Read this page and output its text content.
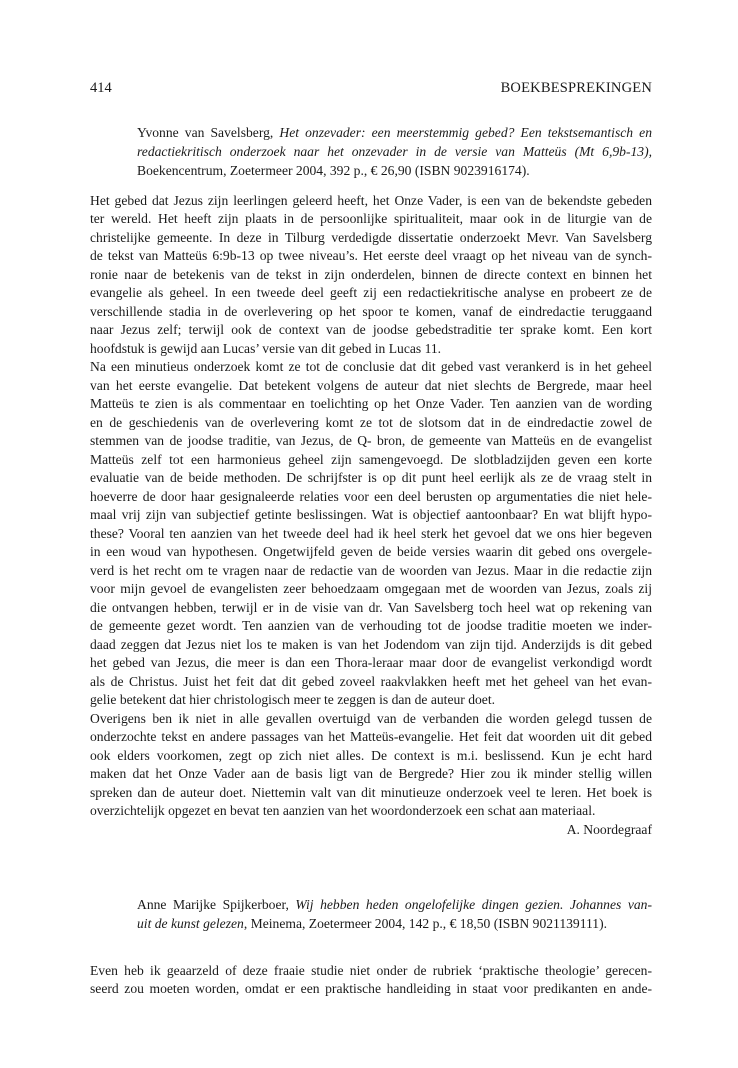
414	BOEKBESPREKINGEN
Yvonne van Savelsberg, Het onzevader: een meerstemmig gebed? Een tekstsemantisch en
redactiekritisch onderzoek naar het onzevader in de versie van Matteüs (Mt 6,9b-13),
Boekencentrum, Zoetermeer 2004, 392 p., € 26,90 (ISBN 9023916174).
Het gebed dat Jezus zijn leerlingen geleerd heeft, het Onze Vader, is een van de bekendste gebeden
ter wereld. Het heeft zijn plaats in de persoonlijke spiritualiteit, maar ook in de liturgie van de
christelijke gemeente. In deze in Tilburg verdedigde dissertatie onderzoekt Mevr. Van Savelsberg
de tekst van Matteüs 6:9b-13 op twee niveau’s. Het eerste deel vraagt op het niveau van de synch-
ronie naar de betekenis van de tekst in zijn onderdelen, binnen de directe context en binnen het
evangelie als geheel. In een tweede deel geeft zij een redactiekritische analyse en probeert ze de
verschillende stadia in de overlevering op het spoor te komen, vanaf de eindredactie teruggaand
naar Jezus zelf; terwijl ook de context van de joodse gebedstraditie ter sprake komt. Een kort
hoofdstuk is gewijd aan Lucas’ versie van dit gebed in Lucas 11.
Na een minutieus onderzoek komt ze tot de conclusie dat dit gebed vast verankerd is in het geheel
van het eerste evangelie. Dat betekent volgens de auteur dat niet slechts de Bergrede, maar heel
Matteüs te zien is als commentaar en toelichting op het Onze Vader. Ten aanzien van de wording
en de geschiedenis van de overlevering komt ze tot de slotsom dat in de eindredactie zowel de
stemmen van de joodse traditie, van Jezus, de Q- bron, de gemeente van Matteüs en de evangelist
Matteüs zelf tot een harmonieus geheel zijn samengevoegd. De slotbladzijden geven een korte
evaluatie van de beide methoden. De schrijfster is op dit punt heel eerlijk als ze de vraag stelt in
hoeverre de door haar gesignaleerde relaties voor een deel berusten op argumentaties die niet hele-
maal vrij zijn van subjectief getinte beslissingen. Wat is objectief aantoonbaar? En wat blijft hypo-
these? Vooral ten aanzien van het tweede deel had ik heel sterk het gevoel dat we ons hier begeven
in een woud van hypothesen. Ongetwijfeld geven de beide versies waarin dit gebed ons overgele-
verd is het recht om te vragen naar de redactie van de woorden van Jezus. Maar in die redactie zijn
voor mijn gevoel de evangelisten zeer behoedzaam omgegaan met de woorden van Jezus, zoals zij
die ontvangen hebben, terwijl er in de visie van dr. Van Savelsberg toch heel wat op rekening van
de gemeente gezet wordt. Ten aanzien van de verhouding tot de joodse traditie moeten we inder-
daad zeggen dat Jezus niet los te maken is van het Jodendom van zijn tijd. Anderzijds is dit gebed
het gebed van Jezus, die meer is dan een Thora-leraar maar door de evangelist verkondigd wordt
als de Christus. Juist het feit dat dit gebed zoveel raakvlakken heeft met het geheel van het evan-
gelie betekent dat hier christologisch meer te zeggen is dan de auteur doet.
Overigens ben ik niet in alle gevallen overtuigd van de verbanden die worden gelegd tussen de
onderzochte tekst en andere passages van het Matteüs-evangelie. Het feit dat woorden uit dit gebed
ook elders voorkomen, zegt op zich niet alles. De context is m.i. beslissend. Kun je echt hard
maken dat het Onze Vader aan de basis ligt van de Bergrede? Hier zou ik minder stellig willen
spreken dan de auteur doet. Niettemin valt van dit minutieuze onderzoek veel te leren. Het boek is
overzichtelijk opgezet en bevat ten aanzien van het woordonderzoek een schat aan materiaal.
A. Noordegraaf
Anne Marijke Spijkerboer, Wij hebben heden ongelofelijke dingen gezien. Johannes van-
uit de kunst gelezen, Meinema, Zoetermeer 2004, 142 p., € 18,50 (ISBN 9021139111).
Even heb ik geaarzeld of deze fraaie studie niet onder de rubriek ‘praktische theologie’ gerecen-
seerd zou moeten worden, omdat er een praktische handleiding in staat voor predikanten en ande-
